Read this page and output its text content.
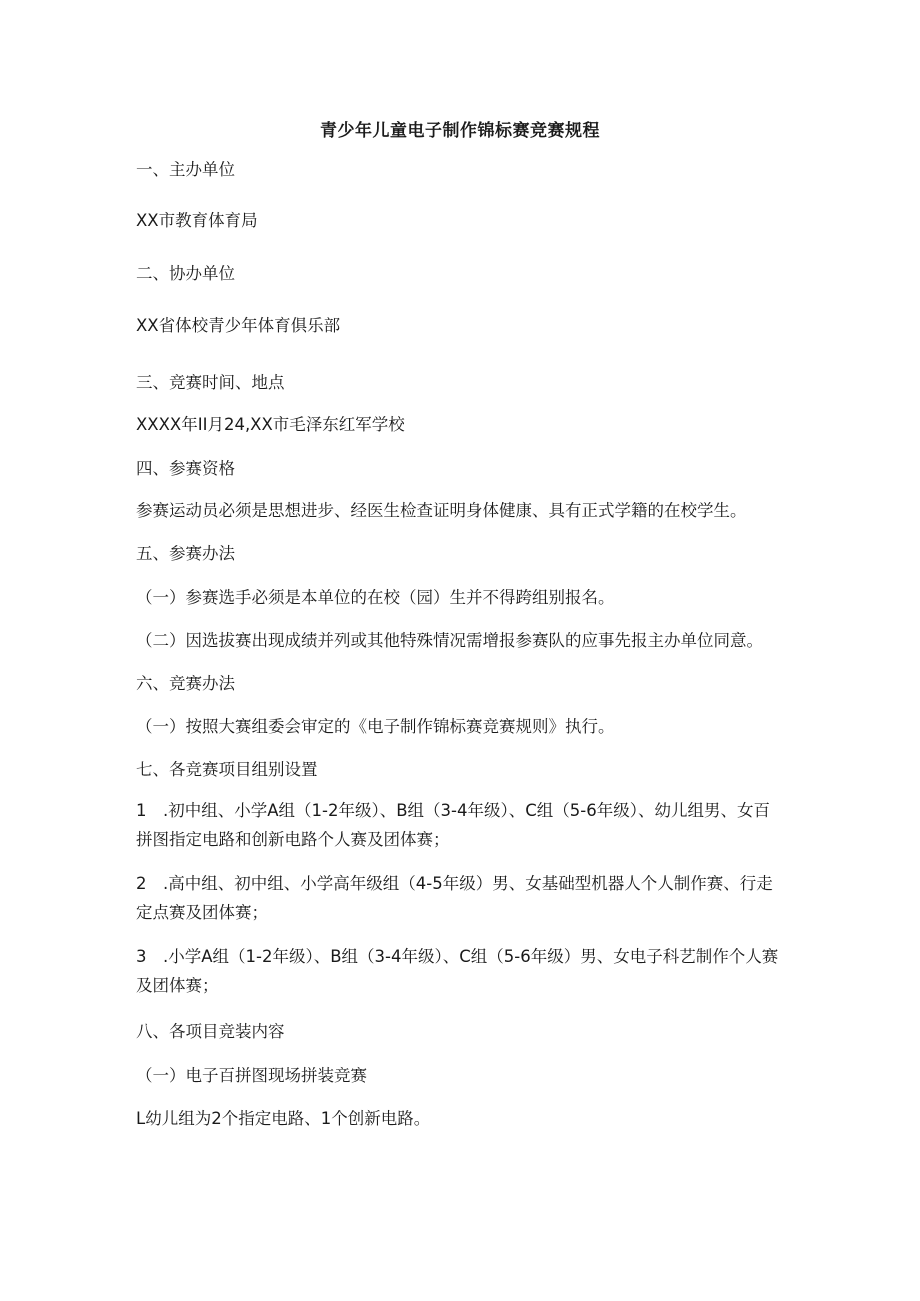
青少年儿童电子制作锦标赛竞赛规程
一、主办单位
XX市教育体育局
二、协办单位
XX省体校青少年体育俱乐部
三、竞赛时间、地点
XXXX年II月24,XX市毛泽东红军学校
四、参赛资格
参赛运动员必须是思想进步、经医生检查证明身体健康、具有正式学籍的在校学生。
五、参赛办法
（一）参赛选手必须是本单位的在校（园）生并不得跨组别报名。
（二）因选拔赛出现成绩并列或其他特殊情况需增报参赛队的应事先报主办单位同意。
六、竞赛办法
（一）按照大赛组委会审定的《电子制作锦标赛竞赛规则》执行。
七、各竞赛项目组别设置
1　.初中组、小学A组（1-2年级）、B组（3-4年级）、C组（5-6年级）、幼儿组男、女百拼图指定电路和创新电路个人赛及团体赛；
2　.高中组、初中组、小学高年级组（4-5年级）男、女基础型机器人个人制作赛、行走定点赛及团体赛；
3　.小学A组（1-2年级）、B组（3-4年级）、C组（5-6年级）男、女电子科艺制作个人赛及团体赛；
八、各项目竞装内容
（一）电子百拼图现场拼装竞赛
L幼儿组为2个指定电路、1个创新电路。
